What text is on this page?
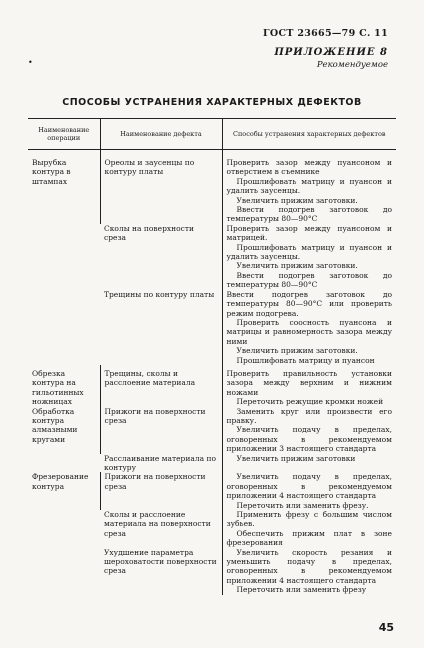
ГОСТ 23665—79 С. 11
•
ПРИЛОЖЕНИЕ 8
Рекомендуемое
СПОСОБЫ УСТРАНЕНИЯ ХАРАКТЕРНЫХ ДЕФЕКТОВ
Наименование операции	Наименование дефекта	Способы устранения характерных дефектов
Вырубка контура в штампах	Ореолы и заусенцы по контуру платы	Проверить зазор между пуансоном и отверстием в съемнике
Прошлифовать матрицу и пуансон и удалить заусенцы.
Увеличить прижим заготовки.
Ввести подогрев заготовок до температуры 80—90°С

	Сколы на поверхности среза	Проверить зазор между пуансоном и матрицей.
Прошлифовать матрицу и пуансон и удалить заусенцы.
Увеличить прижим заготовки.
Ввести подогрев заготовок до температуры 80—90°С

	Трещины по контуру платы	Ввести подогрев заготовок до температуры 80—90°С или проверить режим подогрева.
Проверить соосность пуансона и матрицы и равномерность зазора между ними
Увеличить прижим заготовки.
Прошлифовать матрицу и пуансон

Обрезка контура на гильотинных ножницах	Трещины, сколы и расслоение материала	Проверить правильность установки зазора между верхним и нижним ножами
Переточить режущие кромки ножей

Обработка контура алмазными кругами	Прижоги на поверхности среза	Заменить круг или произвести его правку.
Увеличить подачу в пределах, оговоренных в рекомендуемом приложении 3 настоящего стандарта

	Расслаивание материала по контуру	Увеличить прижим заготовки

Фрезерование контура	Прижоги на поверхности среза	Увеличить подачу в пределах, оговоренных в рекомендуемом приложении 4 настоящего стандарта
Переточить или заменить фрезу.

	Сколы и расслоение материала на поверхности среза	Применить фрезу с большим числом зубьев.
Обеспечить прижим плат в зоне фрезерования

	Ухудшение параметра шероховатости поверхности среза	Увеличить скорость резания и уменьшить подачу в пределах, оговоренных в рекомендуемом приложении 4 настоящего стандарта
Переточить или заменить фрезу
45
